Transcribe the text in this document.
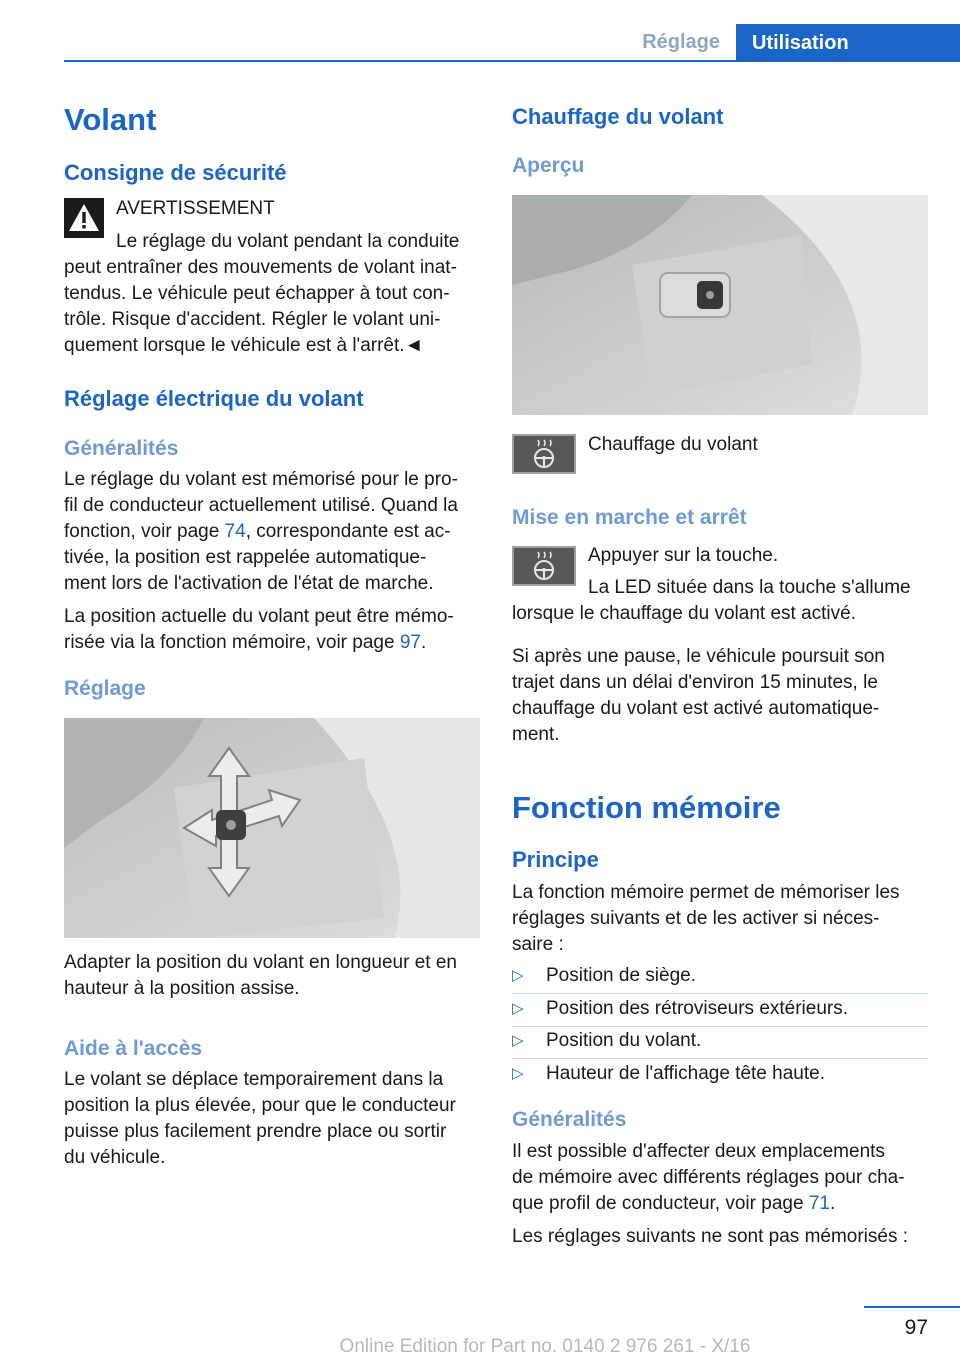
Réglage	Utilisation
Volant
Consigne de sécurité
AVERTISSEMENT
Le réglage du volant pendant la conduite
peut entraîner des mouvements de volant inat-
tendus. Le véhicule peut échapper à tout con-
trôle. Risque d'accident. Régler le volant uni-
quement lorsque le véhicule est à l'arrêt.◄
Réglage électrique du volant
Généralités
Le réglage du volant est mémorisé pour le pro-
fil de conducteur actuellement utilisé. Quand la
fonction, voir page 74, correspondante est ac-
tivée, la position est rappelée automatique-
ment lors de l'activation de l'état de marche.
La position actuelle du volant peut être mémo-
risée via la fonction mémoire, voir page 97.
Réglage
Adapter la position du volant en longueur et en
hauteur à la position assise.
Aide à l'accès
Le volant se déplace temporairement dans la
position la plus élevée, pour que le conducteur
puisse plus facilement prendre place ou sortir
du véhicule.
Chauffage du volant
Aperçu
Chauffage du volant
Mise en marche et arrêt
Appuyer sur la touche.
La LED située dans la touche s'allume
lorsque le chauffage du volant est activé.
Si après une pause, le véhicule poursuit son
trajet dans un délai d'environ 15 minutes, le
chauffage du volant est activé automatique-
ment.
Fonction mémoire
Principe
La fonction mémoire permet de mémoriser les
réglages suivants et de les activer si néces-
saire :
▷ Position de siège.
▷ Position des rétroviseurs extérieurs.
▷ Position du volant.
▷ Hauteur de l'affichage tête haute.
Généralités
Il est possible d'affecter deux emplacements
de mémoire avec différents réglages pour cha-
que profil de conducteur, voir page 71.
Les réglages suivants ne sont pas mémorisés :
97
Online Edition for Part no. 0140 2 976 261 - X/16
